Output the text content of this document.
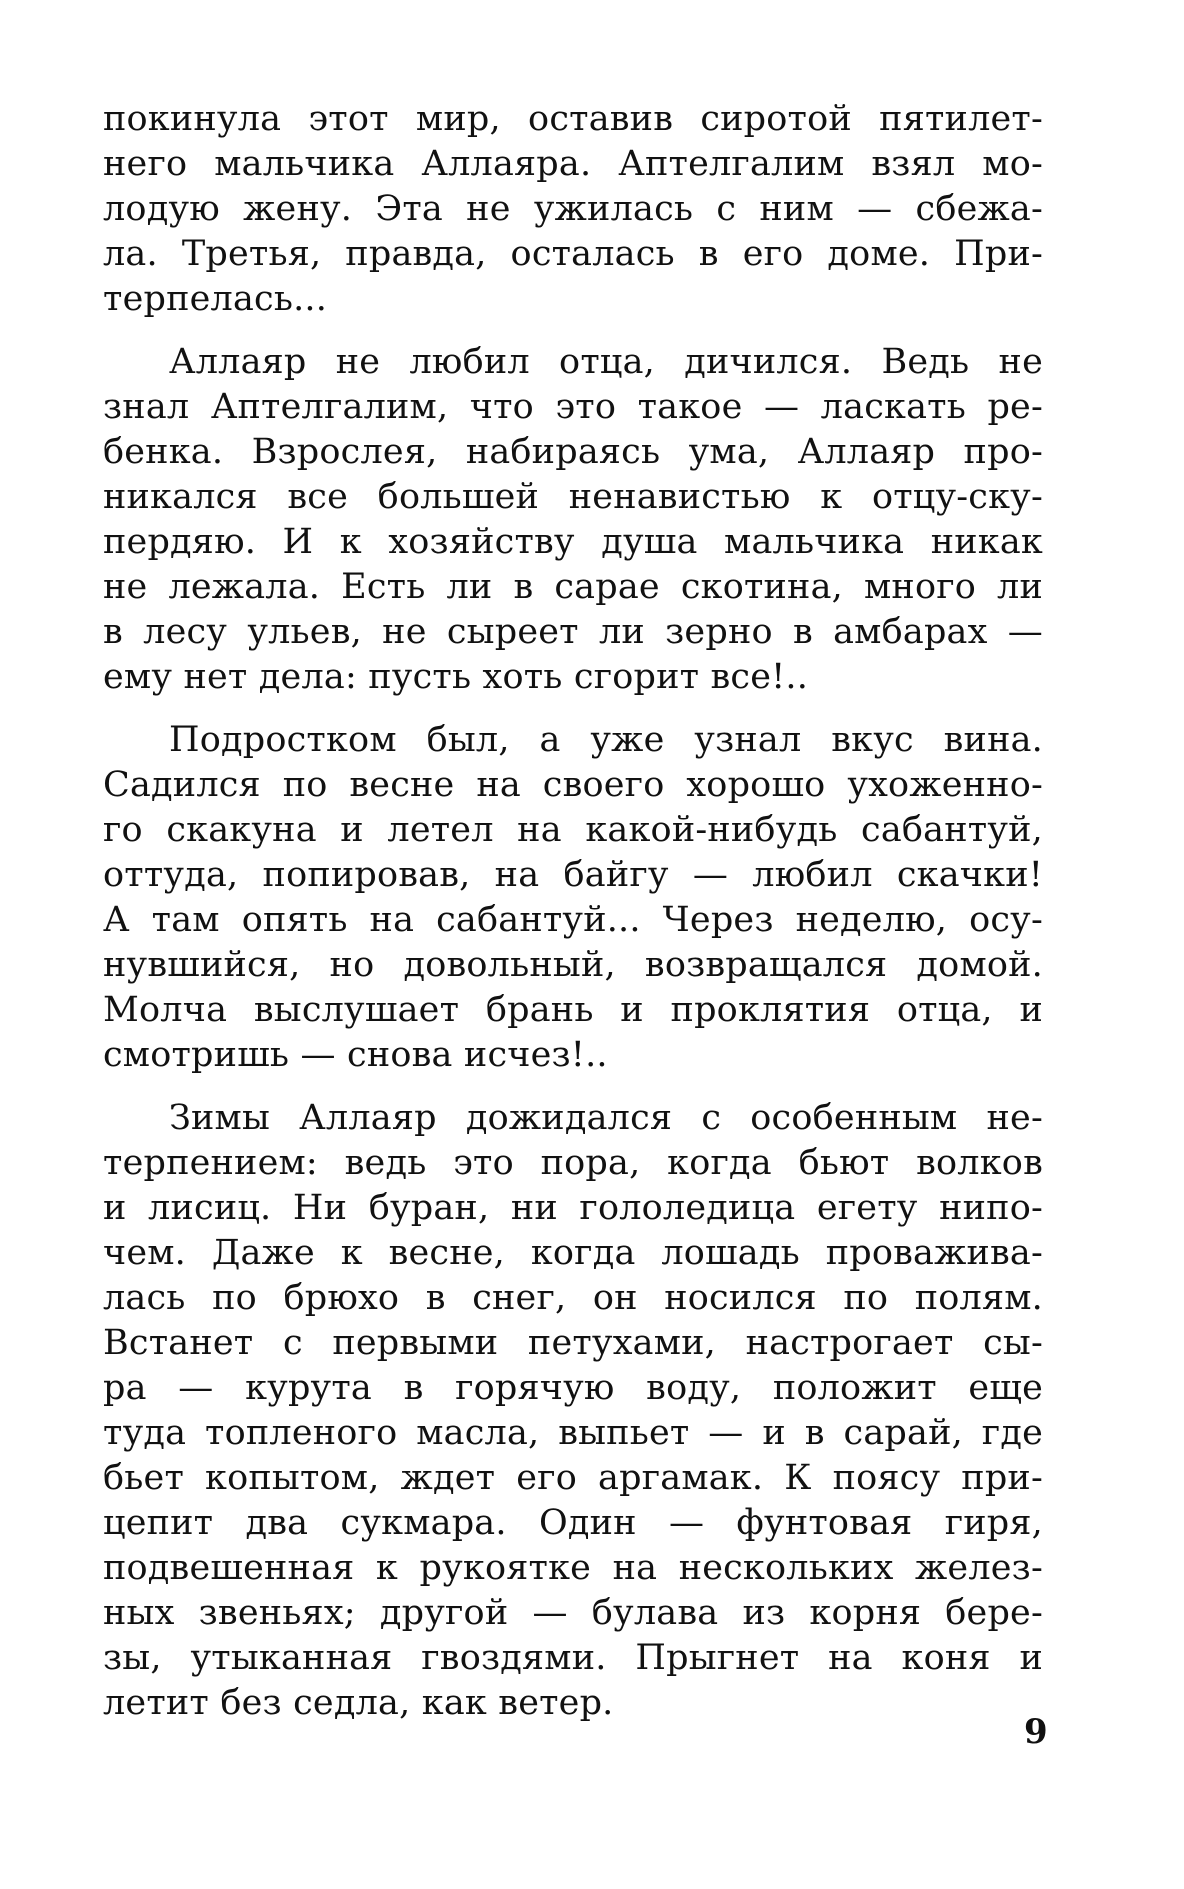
покинула этот мир, оставив сиротой пятилет-
него мальчика Аллаяра. Аптелгалим взял мо-
лодую жену. Эта не ужилась с ним — сбежа-
ла. Третья, правда, осталась в его доме. При-
терпелась...
Аллаяр не любил отца, дичился. Ведь не
знал Аптелгалим, что это такое — ласкать ре-
бенка. Взрослея, набираясь ума, Аллаяр про-
никался все большей ненавистью к отцу-ску-
пердяю. И к хозяйству душа мальчика никак
не лежала. Есть ли в сарае скотина, много ли
в лесу ульев, не сыреет ли зерно в амбарах —
ему нет дела: пусть хоть сгорит все!..
Подростком был, а уже узнал вкус вина.
Садился по весне на своего хорошо ухоженно-
го скакуна и летел на какой-нибудь сабантуй,
оттуда, попировав, на байгу — любил скачки!
А там опять на сабантуй... Через неделю, осу-
нувшийся, но довольный, возвращался домой.
Молча выслушает брань и проклятия отца, и
смотришь — снова исчез!..
Зимы Аллаяр дожидался с особенным не-
терпением: ведь это пора, когда бьют волков
и лисиц. Ни буран, ни гололедица егету нипо-
чем. Даже к весне, когда лошадь проважива-
лась по брюхо в снег, он носился по полям.
Встанет с первыми петухами, настрогает сы-
ра — курута в горячую воду, положит еще
туда топленого масла, выпьет — и в сарай, где
бьет копытом, ждет его аргамак. К поясу при-
цепит два сукмара. Один — фунтовая гиря,
подвешенная к рукоятке на нескольких желез-
ных звеньях; другой — булава из корня бере-
зы, утыканная гвоздями. Прыгнет на коня и
летит без седла, как ветер.
9
